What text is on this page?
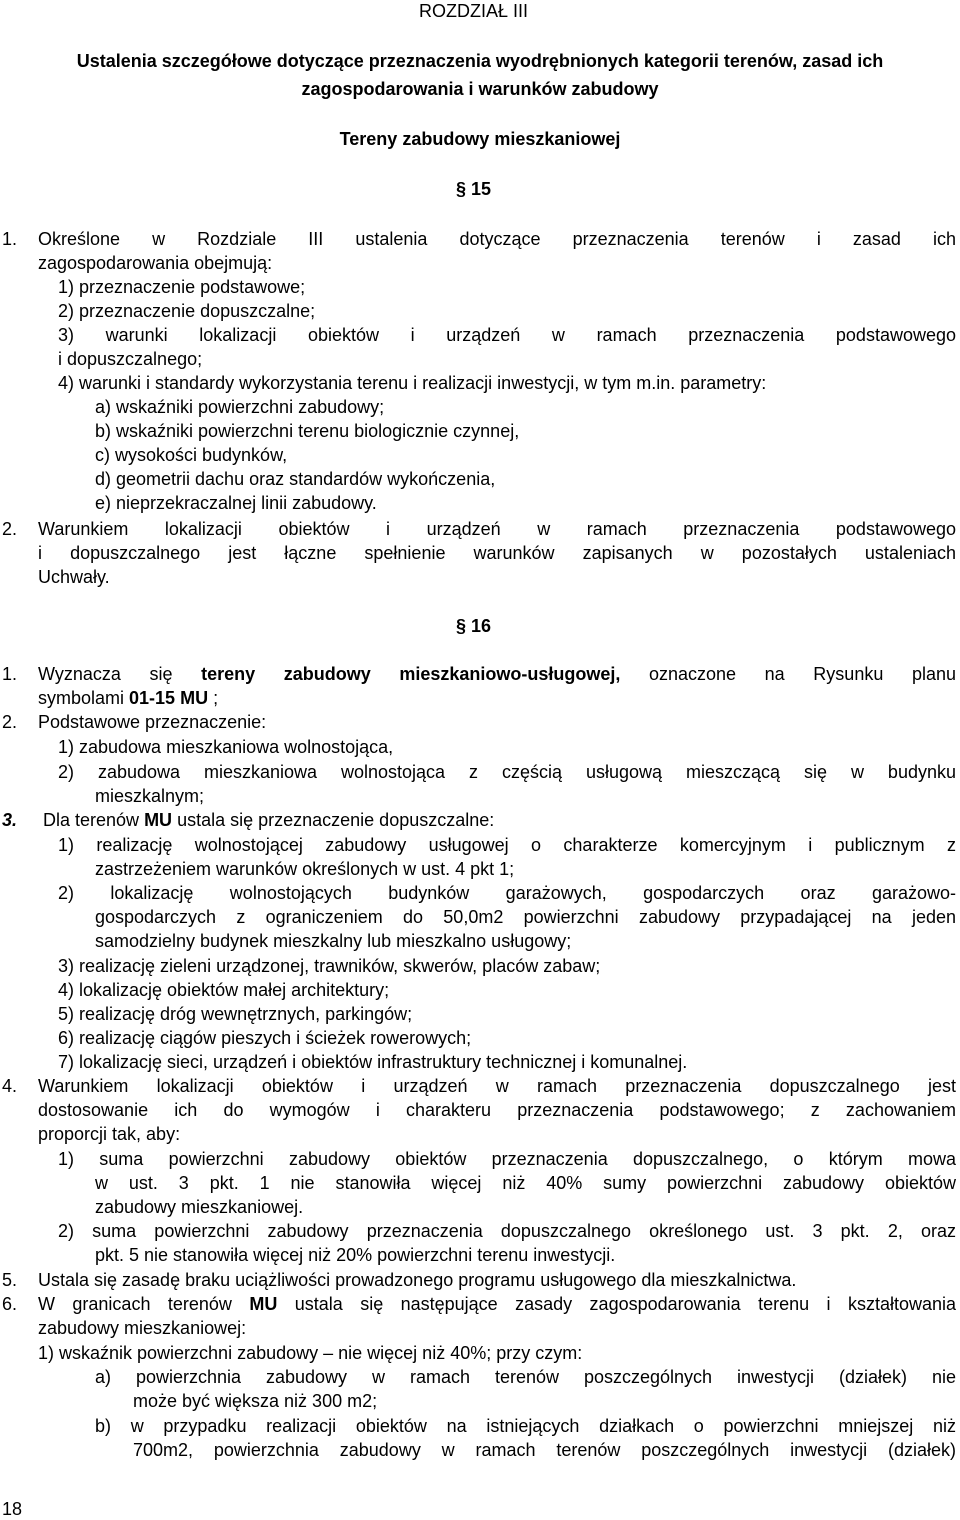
ROZDZIAŁ III
Ustalenia szczegółowe dotyczące przeznaczenia wyodrębnionych kategorii terenów, zasad ich
zagospodarowania i warunków zabudowy
Tereny zabudowy mieszkaniowej
§ 15
1. Określone w Rozdziale III ustalenia dotyczące przeznaczenia terenów i zasad ich
zagospodarowania obejmują:
1) przeznaczenie podstawowe;
2) przeznaczenie dopuszczalne;
3) warunki lokalizacji obiektów i urządzeń w ramach przeznaczenia podstawowego
i dopuszczalnego;
4) warunki i standardy wykorzystania terenu i realizacji inwestycji, w tym m.in. parametry:
a) wskaźniki powierzchni zabudowy;
b) wskaźniki powierzchni terenu biologicznie czynnej,
c) wysokości budynków,
d) geometrii dachu oraz standardów wykończenia,
e) nieprzekraczalnej linii zabudowy.
2. Warunkiem lokalizacji obiektów i urządzeń w ramach przeznaczenia podstawowego
i dopuszczalnego jest łączne spełnienie warunków zapisanych w pozostałych ustaleniach
Uchwały.
§ 16
1. Wyznacza się tereny zabudowy mieszkaniowo-usługowej, oznaczone na Rysunku planu
symbolami 01-15 MU ;
2. Podstawowe przeznaczenie:
1) zabudowa mieszkaniowa wolnostojąca,
2) zabudowa mieszkaniowa wolnostojąca z częścią usługową mieszczącą się w budynku
mieszkalnym;
3. Dla terenów MU ustala się przeznaczenie dopuszczalne:
1) realizację wolnostojącej zabudowy usługowej o charakterze komercyjnym i publicznym z
zastrzeżeniem warunków określonych w ust. 4 pkt 1;
2) lokalizację wolnostojących budynków garażowych, gospodarczych oraz garażowo-
gospodarczych z ograniczeniem do 50,0m2 powierzchni zabudowy przypadającej na jeden
samodzielny budynek mieszkalny lub mieszkalno usługowy;
3) realizację zieleni urządzonej, trawników, skwerów, placów zabaw;
4) lokalizację obiektów małej architektury;
5) realizację dróg wewnętrznych, parkingów;
6) realizację ciągów pieszych i ścieżek rowerowych;
7) lokalizację sieci, urządzeń i obiektów infrastruktury technicznej i komunalnej.
4. Warunkiem lokalizacji obiektów i urządzeń w ramach przeznaczenia dopuszczalnego jest
dostosowanie ich do wymogów i charakteru przeznaczenia podstawowego; z zachowaniem
proporcji tak, aby:
1) suma powierzchni zabudowy obiektów przeznaczenia dopuszczalnego, o którym mowa
w ust. 3 pkt. 1 nie stanowiła więcej niż 40% sumy powierzchni zabudowy obiektów
zabudowy mieszkaniowej.
2) suma powierzchni zabudowy przeznaczenia dopuszczalnego określonego ust. 3 pkt. 2, oraz
pkt. 5 nie stanowiła więcej niż 20% powierzchni terenu inwestycji.
5. Ustala się zasadę braku uciążliwości prowadzonego programu usługowego dla mieszkalnictwa.
6. W granicach terenów MU ustala się następujące zasady zagospodarowania terenu i kształtowania
zabudowy mieszkaniowej:
1) wskaźnik powierzchni zabudowy – nie więcej niż 40%; przy czym:
a) powierzchnia zabudowy w ramach terenów poszczególnych inwestycji (działek) nie
może być większa niż 300 m2;
b) w przypadku realizacji obiektów na istniejących działkach o powierzchni mniejszej niż
700m2, powierzchnia zabudowy w ramach terenów poszczególnych inwestycji (działek)
18
